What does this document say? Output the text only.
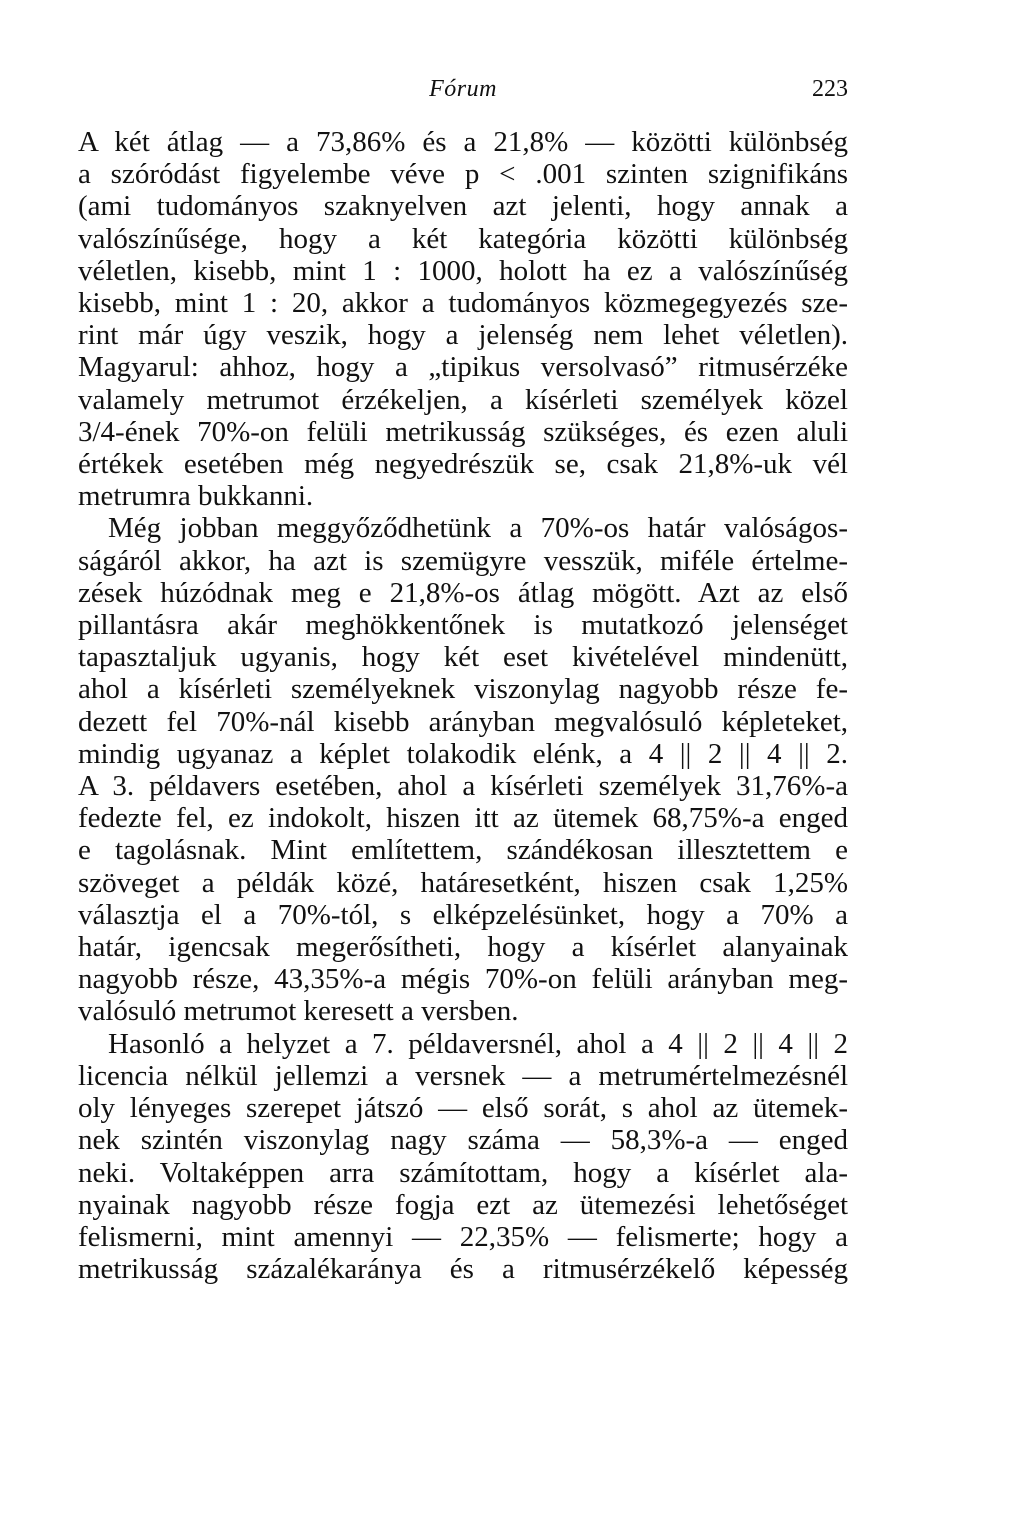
Fórum	223
A két átlag — a 73,86% és a 21,8% — közötti különbség
a szóródást figyelembe véve p < .001 szinten szignifikáns
(ami tudományos szaknyelven azt jelenti, hogy annak a
valószínűsége, hogy a két kategória közötti különbség
véletlen, kisebb, mint 1 : 1000, holott ha ez a valószínűség
kisebb, mint 1 : 20, akkor a tudományos közmegegyezés sze-
rint már úgy veszik, hogy a jelenség nem lehet véletlen).
Magyarul: ahhoz, hogy a „tipikus versolvasó” ritmusérzéke
valamely metrumot érzékeljen, a kísérleti személyek közel
3/4-ének 70%-on felüli metrikusság szükséges, és ezen aluli
értékek esetében még negyedrészük se, csak 21,8%-uk vél
metrumra bukkanni.
Még jobban meggyőződhetünk a 70%-os határ valóságos-
ságáról akkor, ha azt is szemügyre vesszük, miféle értelme-
zések húzódnak meg e 21,8%-os átlag mögött. Azt az első
pillantásra akár meghökkentőnek is mutatkozó jelenséget
tapasztaljuk ugyanis, hogy két eset kivételével mindenütt,
ahol a kísérleti személyeknek viszonylag nagyobb része fe-
dezett fel 70%-nál kisebb arányban megvalósuló képleteket,
mindig ugyanaz a képlet tolakodik elénk, a 4 || 2 || 4 || 2.
A 3. példavers esetében, ahol a kísérleti személyek 31,76%-a
fedezte fel, ez indokolt, hiszen itt az ütemek 68,75%-a enged
e tagolásnak. Mint említettem, szándékosan illesztettem e
szöveget a példák közé, határesetként, hiszen csak 1,25%
választja el a 70%-tól, s elképzelésünket, hogy a 70% a
határ, igencsak megerősítheti, hogy a kísérlet alanyainak
nagyobb része, 43,35%-a mégis 70%-on felüli arányban meg-
valósuló metrumot keresett a versben.
Hasonló a helyzet a 7. példaversnél, ahol a 4 || 2 || 4 || 2
licencia nélkül jellemzi a versnek — a metrumértelmezésnél
oly lényeges szerepet játszó — első sorát, s ahol az ütemek-
nek szintén viszonylag nagy száma — 58,3%-a — enged
neki. Voltaképpen arra számítottam, hogy a kísérlet ala-
nyainak nagyobb része fogja ezt az ütemezési lehetőséget
felismerni, mint amennyi — 22,35% — felismerte; hogy a
metrikusság százalékaránya és a ritmusérzékelő képesség
